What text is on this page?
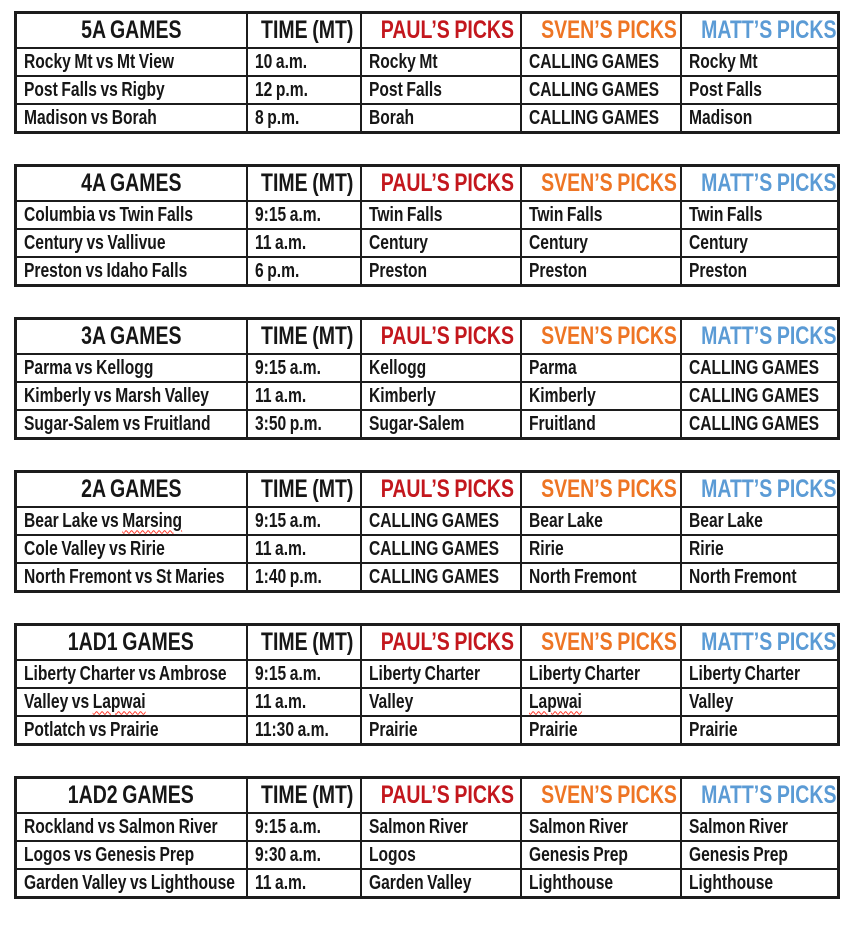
5A GAMES	TIME (MT)	PAUL’S PICKS	SVEN’S PICKS	MATT’S PICKS
Rocky Mt vs Mt View	10 a.m.	Rocky Mt	CALLING GAMES	Rocky Mt
Post Falls vs Rigby	12 p.m.	Post Falls	CALLING GAMES	Post Falls
Madison vs Borah	8 p.m.	Borah	CALLING GAMES	Madison
4A GAMES	TIME (MT)	PAUL’S PICKS	SVEN’S PICKS	MATT’S PICKS
Columbia vs Twin Falls	9:15 a.m.	Twin Falls	Twin Falls	Twin Falls
Century vs Vallivue	11 a.m.	Century	Century	Century
Preston vs Idaho Falls	6 p.m.	Preston	Preston	Preston
3A GAMES	TIME (MT)	PAUL’S PICKS	SVEN’S PICKS	MATT’S PICKS
Parma vs Kellogg	9:15 a.m.	Kellogg	Parma	CALLING GAMES
Kimberly vs Marsh Valley	11 a.m.	Kimberly	Kimberly	CALLING GAMES
Sugar-Salem vs Fruitland	3:50 p.m.	Sugar-Salem	Fruitland	CALLING GAMES
2A GAMES	TIME (MT)	PAUL’S PICKS	SVEN’S PICKS	MATT’S PICKS
Bear Lake vs Marsing	9:15 a.m.	CALLING GAMES	Bear Lake	Bear Lake
Cole Valley vs Ririe	11 a.m.	CALLING GAMES	Ririe	Ririe
North Fremont vs St Maries	1:40 p.m.	CALLING GAMES	North Fremont	North Fremont
1AD1 GAMES	TIME (MT)	PAUL’S PICKS	SVEN’S PICKS	MATT’S PICKS
Liberty Charter vs Ambrose	9:15 a.m.	Liberty Charter	Liberty Charter	Liberty Charter
Valley vs Lapwai	11 a.m.	Valley	Lapwai	Valley
Potlatch vs Prairie	11:30 a.m.	Prairie	Prairie	Prairie
1AD2 GAMES	TIME (MT)	PAUL’S PICKS	SVEN’S PICKS	MATT’S PICKS
Rockland vs Salmon River	9:15 a.m.	Salmon River	Salmon River	Salmon River
Logos vs Genesis Prep	9:30 a.m.	Logos	Genesis Prep	Genesis Prep
Garden Valley vs Lighthouse	11 a.m.	Garden Valley	Lighthouse	Lighthouse
